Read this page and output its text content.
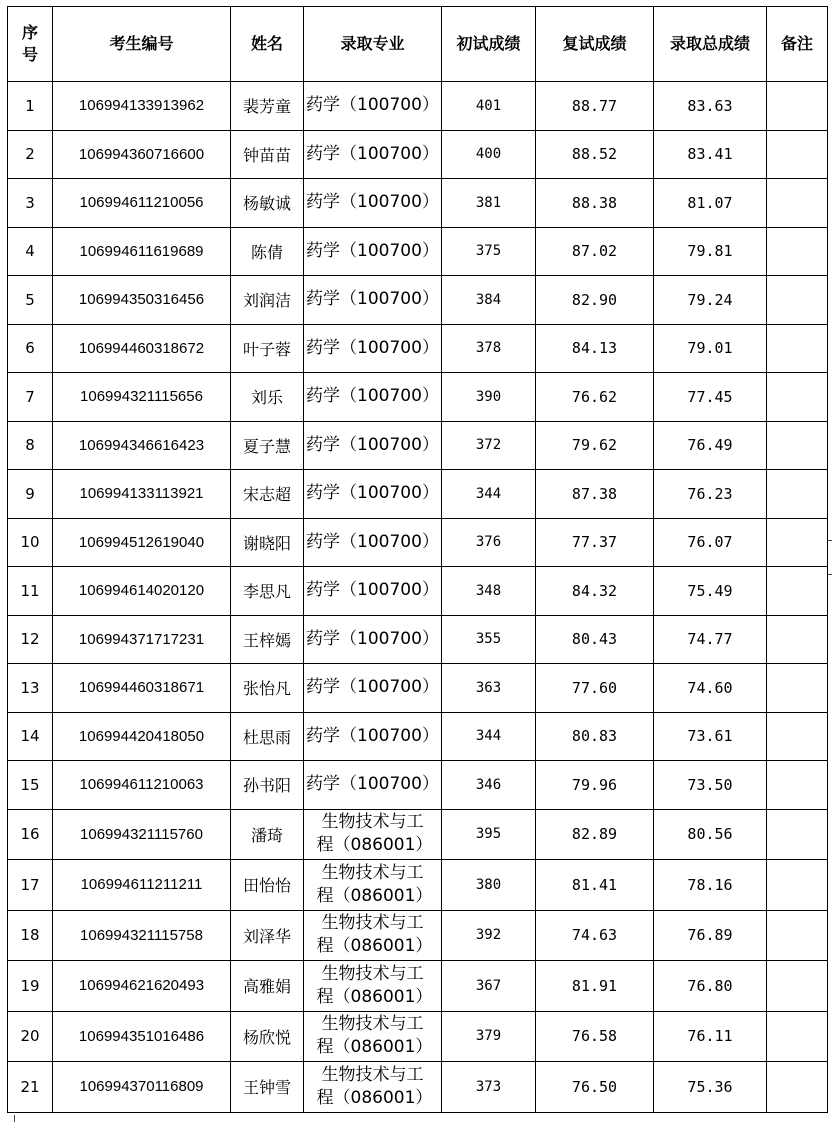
序号	考生编号	姓名	录取专业	初试成绩	复试成绩	录取总成绩	备注
1	106994133913962	裴芳童	药学（100700）	401	88.77	83.63	
2	106994360716600	钟苗苗	药学（100700）	400	88.52	83.41	
3	106994611210056	杨敏诚	药学（100700）	381	88.38	81.07	
4	106994611619689	陈倩	药学（100700）	375	87.02	79.81	
5	106994350316456	刘润洁	药学（100700）	384	82.90	79.24	
6	106994460318672	叶子蓉	药学（100700）	378	84.13	79.01	
7	106994321115656	刘乐	药学（100700）	390	76.62	77.45	
8	106994346616423	夏子慧	药学（100700）	372	79.62	76.49	
9	106994133113921	宋志超	药学（100700）	344	87.38	76.23	
10	106994512619040	谢晓阳	药学（100700）	376	77.37	76.07	
11	106994614020120	李思凡	药学（100700）	348	84.32	75.49	
12	106994371717231	王梓嫣	药学（100700）	355	80.43	74.77	
13	106994460318671	张怡凡	药学（100700）	363	77.60	74.60	
14	106994420418050	杜思雨	药学（100700）	344	80.83	73.61	
15	106994611210063	孙书阳	药学（100700）	346	79.96	73.50	
16	106994321115760	潘琦	生物技术与工程（086001）	395	82.89	80.56	
17	106994611211211	田怡怡	生物技术与工程（086001）	380	81.41	78.16	
18	106994321115758	刘泽华	生物技术与工程（086001）	392	74.63	76.89	
19	106994621620493	高雅娟	生物技术与工程（086001）	367	81.91	76.80	
20	106994351016486	杨欣悦	生物技术与工程（086001）	379	76.58	76.11	
21	106994370116809	王钟雪	生物技术与工程（086001）	373	76.50	75.36	
